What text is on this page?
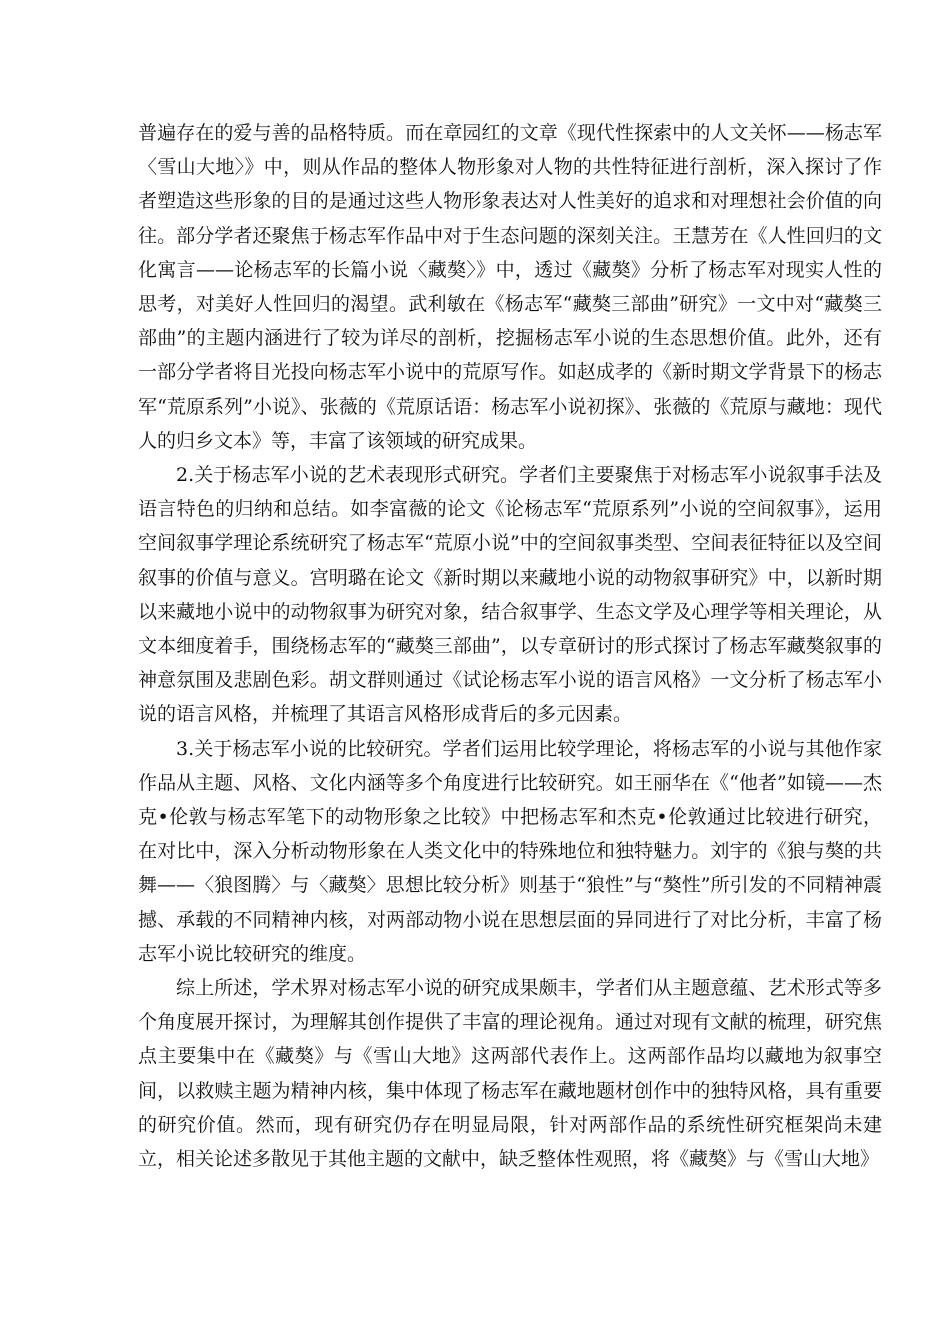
普遍存在的爱与善的品格特质。而在章园红的文章《现代性探索中的人文关怀——杨志军〈雪山大地〉》中，则从作品的整体人物形象对人物的共性特征进行剖析，深入探讨了作者塑造这些形象的目的是通过这些人物形象表达对人性美好的追求和对理想社会价值的向往。部分学者还聚焦于杨志军作品中对于生态问题的深刻关注。王慧芳在《人性回归的文化寓言——论杨志军的长篇小说〈藏獒〉》中，透过《藏獒》分析了杨志军对现实人性的思考，对美好人性回归的渴望。武利敏在《杨志军“藏獒三部曲”研究》一文中对“藏獒三部曲”的主题内涵进行了较为详尽的剖析，挖掘杨志军小说的生态思想价值。此外，还有一部分学者将目光投向杨志军小说中的荒原写作。如赵成孝的《新时期文学背景下的杨志军“荒原系列”小说》、张薇的《荒原话语：杨志军小说初探》、张薇的《荒原与藏地：现代人的归乡文本》等，丰富了该领域的研究成果。

2.关于杨志军小说的艺术表现形式研究。学者们主要聚焦于对杨志军小说叙事手法及语言特色的归纳和总结。如李富薇的论文《论杨志军“荒原系列”小说的空间叙事》，运用空间叙事学理论系统研究了杨志军“荒原小说”中的空间叙事类型、空间表征特征以及空间叙事的价值与意义。宫明璐在论文《新时期以来藏地小说的动物叙事研究》中，以新时期以来藏地小说中的动物叙事为研究对象，结合叙事学、生态文学及心理学等相关理论，从文本细度着手，围绕杨志军的“藏獒三部曲”，以专章研讨的形式探讨了杨志军藏獒叙事的神意氛围及悲剧色彩。胡文群则通过《试论杨志军小说的语言风格》一文分析了杨志军小说的语言风格，并梳理了其语言风格形成背后的多元因素。

3.关于杨志军小说的比较研究。学者们运用比较学理论，将杨志军的小说与其他作家作品从主题、风格、文化内涵等多个角度进行比较研究。如王丽华在《“他者”如镜——杰克•伦敦与杨志军笔下的动物形象之比较》中把杨志军和杰克•伦敦通过比较进行研究，在对比中，深入分析动物形象在人类文化中的特殊地位和独特魅力。刘宇的《狼与獒的共舞——〈狼图腾〉与〈藏獒〉思想比较分析》则基于“狼性”与“獒性”所引发的不同精神震撼、承载的不同精神内核，对两部动物小说在思想层面的异同进行了对比分析，丰富了杨志军小说比较研究的维度。

综上所述，学术界对杨志军小说的研究成果颇丰，学者们从主题意蕴、艺术形式等多个角度展开探讨，为理解其创作提供了丰富的理论视角。通过对现有文献的梳理，研究焦点主要集中在《藏獒》与《雪山大地》这两部代表作上。这两部作品均以藏地为叙事空间，以救赎主题为精神内核，集中体现了杨志军在藏地题材创作中的独特风格，具有重要的研究价值。然而，现有研究仍存在明显局限，针对两部作品的系统性研究框架尚未建立，相关论述多散见于其他主题的文献中，缺乏整体性观照，将《藏獒》与《雪山大地》
